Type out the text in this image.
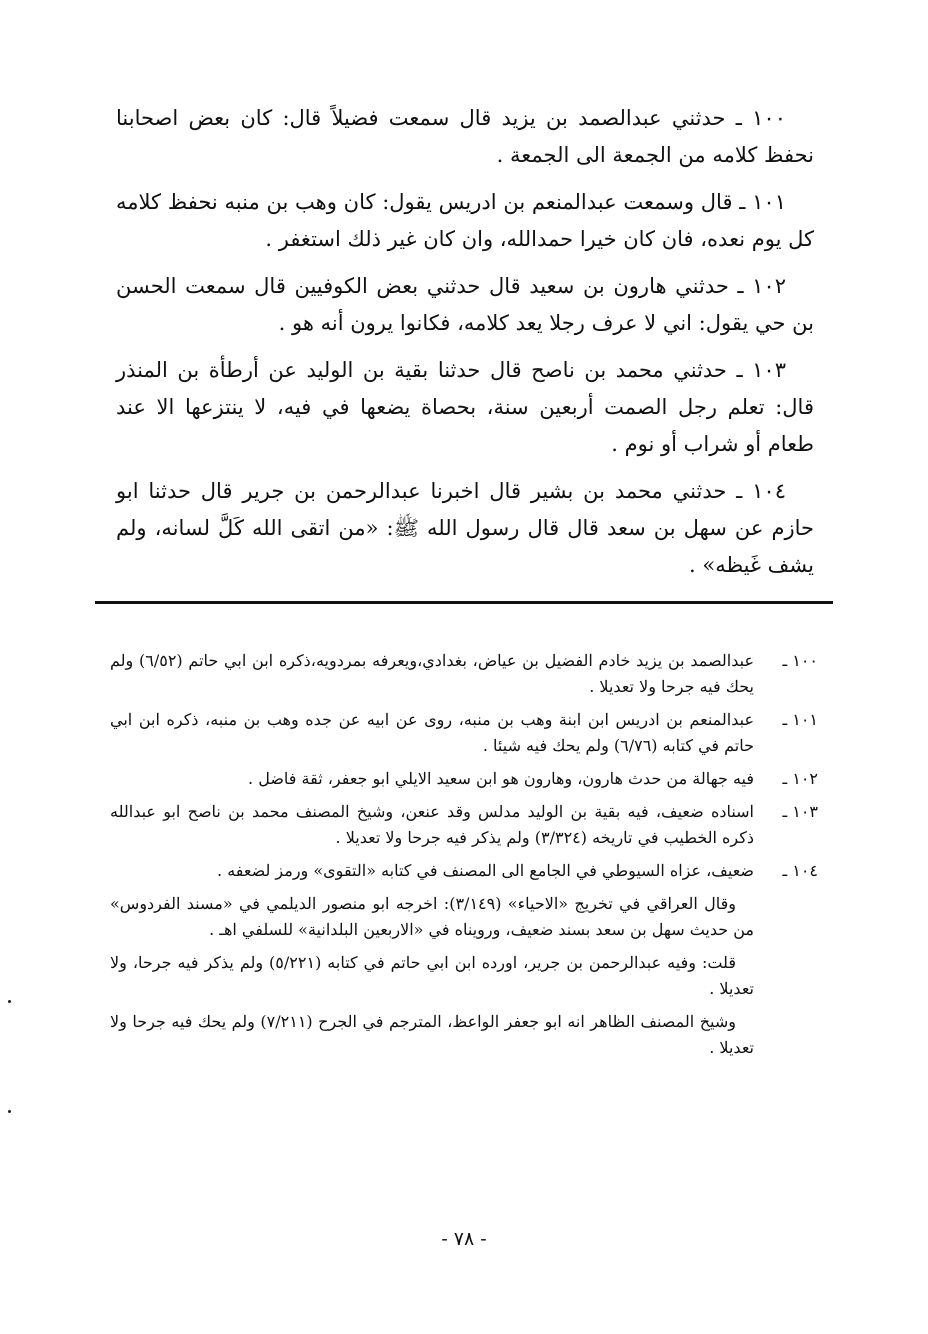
١٠٠ ـ حدثني عبدالصمد بن يزيد قال سمعت فضيلاً قال: كان بعض اصحابنا نحفظ كلامه من الجمعة الى الجمعة .

١٠١ ـ قال وسمعت عبدالمنعم بن ادريس يقول: كان وهب بن منبه نحفظ كلامه كل يوم نعده، فان كان خيرا حمدالله، وان كان غير ذلك استغفر .

١٠٢ ـ حدثني هارون بن سعيد قال حدثني بعض الكوفيين قال سمعت الحسن بن حي يقول: اني لا عرف رجلا يعد كلامه، فكانوا يرون أنه هو .

١٠٣ ـ حدثني محمد بن ناصح قال حدثنا بقية بن الوليد عن أرطأة بن المنذر قال: تعلم رجل الصمت أربعين سنة، بحصاة يضعها في فيه، لا ينتزعها الا عند طعام أو شراب أو نوم .

١٠٤ ـ حدثني محمد بن بشير قال اخبرنا عبدالرحمن بن جرير قال حدثنا ابو حازم عن سهل بن سعد قال قال رسول الله ﷺ: «من اتقى الله كَلَّ لسانه، ولم يشف غَيظه» .

١٠٠ ـ
عبدالصمد بن يزيد خادم الفضيل بن عياض، بغدادي،ويعرفه بمردويه،ذكره ابن ابي حاتم (٦/٥٢) ولم يحك فيه جرحا ولا تعديلا .
١٠١ ـ
عبدالمنعم بن ادريس ابن ابنة وهب بن منبه، روى عن ابيه عن جده وهب بن منبه، ذكره ابن ابي حاتم في كتابه (٦/٧٦) ولم يحك فيه شيئا .
١٠٢ ـ
فيه جهالة من حدث هارون، وهارون هو ابن سعيد الايلي ابو جعفر، ثقة فاضل .
١٠٣ ـ
اسناده ضعيف، فيه بقية بن الوليد مدلس وقد عنعن، وشيخ المصنف محمد بن ناصح ابو عبدالله ذكره الخطيب في تاريخه (٣/٣٢٤) ولم يذكر فيه جرحا ولا تعديلا .
١٠٤ ـ
ضعيف، عزاه السيوطي في الجامع الى المصنف في كتابه «التقوى» ورمز لضعفه .
وقال العراقي في تخريج «الاحياء» (٣/١٤٩): اخرجه ابو منصور الديلمي في «مسند الفردوس» من حديث سهل بن سعد بسند ضعيف، ورويناه في «الاربعين البلدانية» للسلفي اهـ .
قلت: وفيه عبدالرحمن بن جرير، اورده ابن ابي حاتم في كتابه (٥/٢٢١) ولم يذكر فيه جرحا، ولا تعديلا .
وشيخ المصنف الظاهر انه ابو جعفر الواعظ، المترجم في الجرح (٧/٢١١) ولم يحك فيه جرحا ولا تعديلا .
- ٧٨ -
